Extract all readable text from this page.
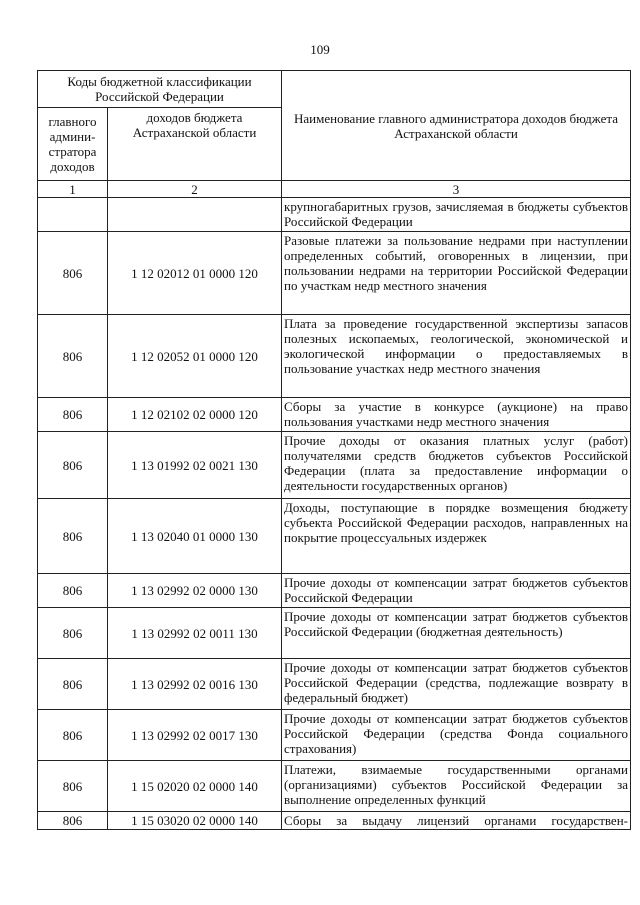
109
Коды бюджетной классификации Российской Федерации		Наименование главного администратора доходов бюджета Астраханской области
главного админи-стратора доходов	доходов бюджета Астраханской области	
1	2	3
		крупногабаритных грузов, зачисляемая в бюджеты субъектов Российской Федерации
806	1 12 02012 01 0000 120	Разовые платежи за пользование недрами при наступлении определенных событий, оговоренных в лицензии, при пользовании недрами на территории Российской Федерации по участкам недр местного значения
806	1 12 02052 01 0000 120	Плата за проведение государственной экспертизы запасов полезных ископаемых, геологической, экономической и экологической информации о предоставляемых в пользование участках недр местного значения
806	1 12 02102 02 0000 120	Сборы за участие в конкурсе (аукционе) на право пользования участками недр местного значения
806	1 13 01992 02 0021 130	Прочие доходы от оказания платных услуг (работ) получателями средств бюджетов субъектов Российской Федерации (плата за предоставление информации о деятельности государственных органов)
806	1 13 02040 01 0000 130	Доходы, поступающие в порядке возмещения бюджету субъекта Российской Федерации расходов, направленных на покрытие процессуальных издержек
806	1 13 02992 02 0000 130	Прочие доходы от компенсации затрат бюджетов субъектов Российской Федерации
806	1 13 02992 02 0011 130	Прочие доходы от компенсации затрат бюджетов субъектов Российской Федерации (бюджетная деятельность)
806	1 13 02992 02 0016 130	Прочие доходы от компенсации затрат бюджетов субъектов Российской Федерации (средства, подлежащие возврату в федеральный бюджет)
806	1 13 02992 02 0017 130	Прочие доходы от компенсации затрат бюджетов субъектов Российской Федерации (средства Фонда социального страхования)
806	1 15 02020 02 0000 140	Платежи, взимаемые государственными органами (организациями) субъектов Российской Федерации за выполнение определенных функций
806	1 15 03020 02 0000 140	Сборы за выдачу лицензий органами государствен-
